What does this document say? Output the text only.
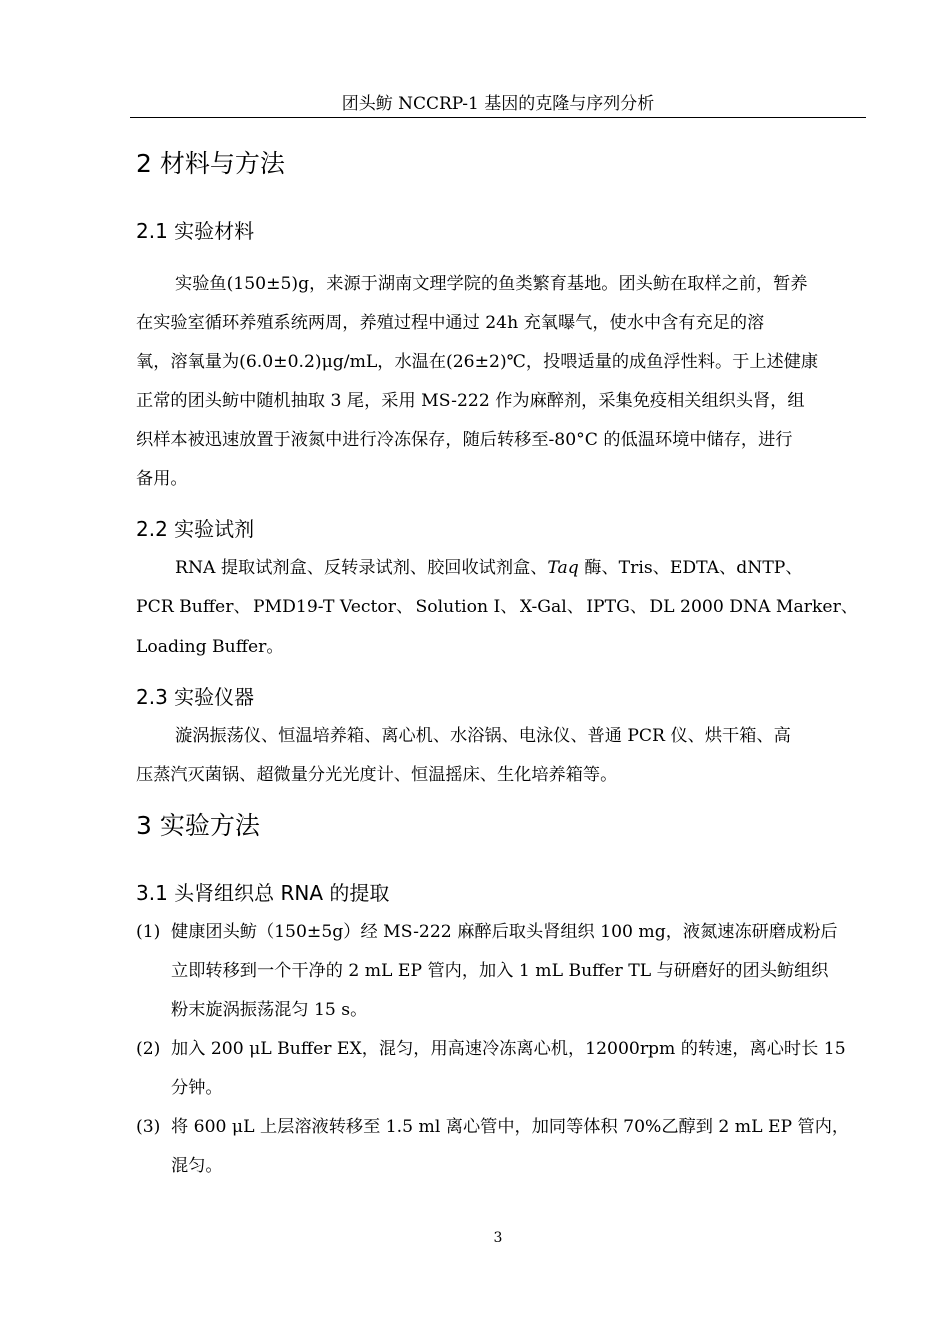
团头鲂 NCCRP-1 基因的克隆与序列分析
2 材料与方法
2.1 实验材料
实验鱼(150±5)g，来源于湖南文理学院的鱼类繁育基地。团头鲂在取样之前，暂养
在实验室循环养殖系统两周，养殖过程中通过 24h 充氧曝气，使水中含有充足的溶
氧，溶氧量为(6.0±0.2)μg/mL，水温在(26±2)℃，投喂适量的成鱼浮性料。于上述健康
正常的团头鲂中随机抽取 3 尾，采用 MS-222 作为麻醉剂，采集免疫相关组织头肾，组
织样本被迅速放置于液氮中进行冷冻保存，随后转移至-80°C 的低温环境中储存，进行
备用。
2.2 实验试剂
RNA 提取试剂盒、反转录试剂、胶回收试剂盒、Taq 酶、Tris、EDTA、dNTP、
PCR Buffer、 PMD19-T Vector、 Solution Ⅰ、 X-Gal、 IPTG、 DL 2000 DNA Marker、
Loading Buffer。
2.3 实验仪器
漩涡振荡仪、恒温培养箱、离心机、水浴锅、电泳仪、普通 PCR 仪、烘干箱、高
压蒸汽灭菌锅、超微量分光光度计、恒温摇床、生化培养箱等。
3 实验方法
3.1 头肾组织总 RNA 的提取
(1) 健康团头鲂（150±5g）经 MS-222 麻醉后取头肾组织 100 mg，液氮速冻研磨成粉后
立即转移到一个干净的 2 mL EP 管内，加入 1 mL Buffer TL 与研磨好的团头鲂组织
粉末旋涡振荡混匀 15 s。
(2) 加入 200 μL Buffer EX，混匀，用高速冷冻离心机，12000rpm 的转速，离心时长 15
分钟。
(3) 将 600 μL 上层溶液转移至 1.5 ml 离心管中，加同等体积 70%乙醇到 2 mL EP 管内，
混匀。
3
